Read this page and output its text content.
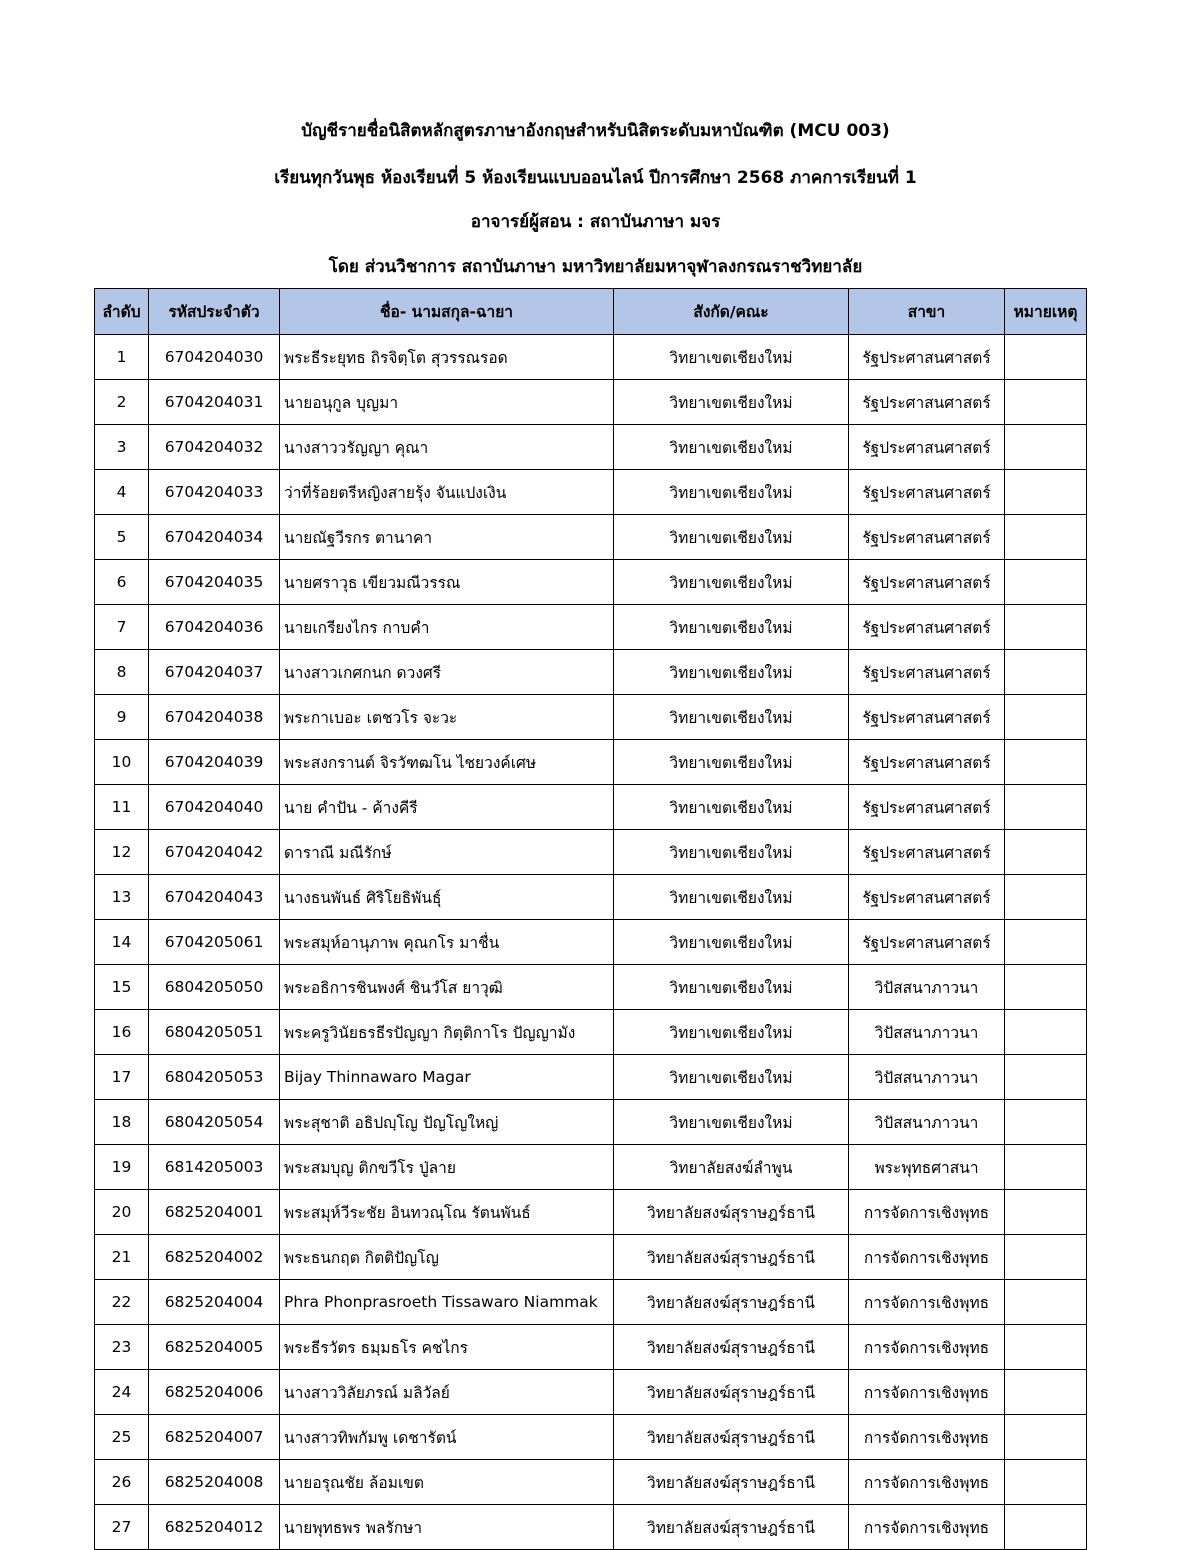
บัญชีรายชื่อนิสิตหลักสูตรภาษาอังกฤษสำหรับนิสิตระดับมหาบัณฑิต (MCU 003)
เรียนทุกวันพุธ ห้องเรียนที่ 5 ห้องเรียนแบบออนไลน์ ปีการศึกษา 2568 ภาคการเรียนที่ 1
อาจารย์ผู้สอน : สถาบันภาษา มจร
โดย ส่วนวิชาการ สถาบันภาษา มหาวิทยาลัยมหาจุฬาลงกรณราชวิทยาลัย
ลำดับ	รหัสประจำตัว	ชื่อ- นามสกุล-ฉายา	สังกัด/คณะ	สาขา	หมายเหตุ
1	6704204030	พระธีระยุทธ ถิรจิตฺโต สุวรรณรอด	วิทยาเขตเชียงใหม่	รัฐประศาสนศาสตร์	
2	6704204031	นายอนุกูล บุญมา	วิทยาเขตเชียงใหม่	รัฐประศาสนศาสตร์	
3	6704204032	นางสาววรัญญา คุณา	วิทยาเขตเชียงใหม่	รัฐประศาสนศาสตร์	
4	6704204033	ว่าที่ร้อยตรีหญิงสายรุ้ง จันแปงเงิน	วิทยาเขตเชียงใหม่	รัฐประศาสนศาสตร์	
5	6704204034	นายณัฐวีรกร ตานาคา	วิทยาเขตเชียงใหม่	รัฐประศาสนศาสตร์	
6	6704204035	นายศราวุธ เขียวมณีวรรณ	วิทยาเขตเชียงใหม่	รัฐประศาสนศาสตร์	
7	6704204036	นายเกรียงไกร กาบคำ	วิทยาเขตเชียงใหม่	รัฐประศาสนศาสตร์	
8	6704204037	นางสาวเกศกนก ดวงศรี	วิทยาเขตเชียงใหม่	รัฐประศาสนศาสตร์	
9	6704204038	พระกาเบอะ เตชวโร จะวะ	วิทยาเขตเชียงใหม่	รัฐประศาสนศาสตร์	
10	6704204039	พระสงกรานต์ จิรวัฑฒโน ไชยวงค์เศษ	วิทยาเขตเชียงใหม่	รัฐประศาสนศาสตร์	
11	6704204040	นาย คำปัน - ค้างคีรี	วิทยาเขตเชียงใหม่	รัฐประศาสนศาสตร์	
12	6704204042	ดาราณี มณีรักษ์	วิทยาเขตเชียงใหม่	รัฐประศาสนศาสตร์	
13	6704204043	นางธนพันธ์ ศิริโยธิพันธุ์	วิทยาเขตเชียงใหม่	รัฐประศาสนศาสตร์	
14	6704205061	พระสมุห์อานุภาพ คุณกโร มาชื่น	วิทยาเขตเชียงใหม่	รัฐประศาสนศาสตร์	
15	6804205050	พระอธิการชินพงศ์ ชินวํโส ยาวุฒิ	วิทยาเขตเชียงใหม่	วิปัสสนาภาวนา	
16	6804205051	พระครูวินัยธรธีรปัญญา กิตฺติกาโร ปัญญามัง	วิทยาเขตเชียงใหม่	วิปัสสนาภาวนา	
17	6804205053	Bijay Thinnawaro Magar	วิทยาเขตเชียงใหม่	วิปัสสนาภาวนา	
18	6804205054	พระสุชาติ อธิปญฺโญ ปัญโญใหญ่	วิทยาเขตเชียงใหม่	วิปัสสนาภาวนา	
19	6814205003	พระสมบุญ ติกขวีโร ปู่ลาย	วิทยาลัยสงฆ์ลำพูน	พระพุทธศาสนา	
20	6825204001	พระสมุห์วีระชัย อินทวณฺโณ รัตนพันธ์	วิทยาลัยสงฆ์สุราษฎร์ธานี	การจัดการเชิงพุทธ	
21	6825204002	พระธนกฤต กิตติปัญโญ	วิทยาลัยสงฆ์สุราษฎร์ธานี	การจัดการเชิงพุทธ	
22	6825204004	Phra Phonprasroeth Tissawaro Niammak	วิทยาลัยสงฆ์สุราษฎร์ธานี	การจัดการเชิงพุทธ	
23	6825204005	พระธีรวัตร ธมฺมธโร คชไกร	วิทยาลัยสงฆ์สุราษฎร์ธานี	การจัดการเชิงพุทธ	
24	6825204006	นางสาววิลัยภรณ์ มลิวัลย์	วิทยาลัยสงฆ์สุราษฎร์ธานี	การจัดการเชิงพุทธ	
25	6825204007	นางสาวทิพกัมพู เดชารัตน์	วิทยาลัยสงฆ์สุราษฎร์ธานี	การจัดการเชิงพุทธ	
26	6825204008	นายอรุณชัย ล้อมเขต	วิทยาลัยสงฆ์สุราษฎร์ธานี	การจัดการเชิงพุทธ	
27	6825204012	นายพุทธพร พลรักษา	วิทยาลัยสงฆ์สุราษฎร์ธานี	การจัดการเชิงพุทธ	
